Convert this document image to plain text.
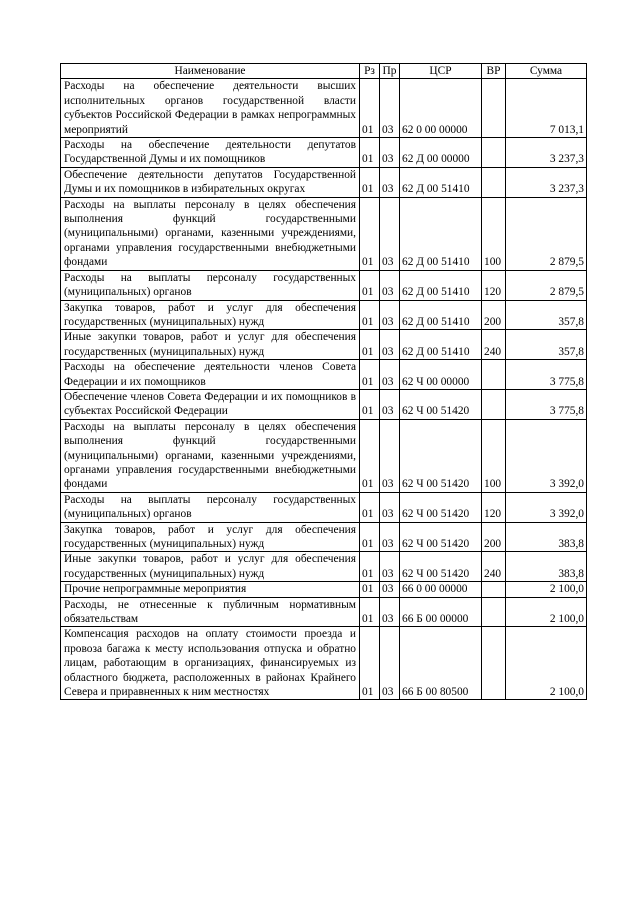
Наименование	Рз	Пр	ЦСР	ВР	Сумма
Расходы на обеспечение деятельности высших исполнительных органов государственной власти субъектов Российской Федерации в рамках непрограммных мероприятий	01	03	62 0 00 00000		7 013,1
Расходы на обеспечение деятельности депутатов Государственной Думы и их помощников	01	03	62 Д 00 00000		3 237,3
Обеспечение деятельности депутатов Государственной Думы и их помощников в избирательных округах	01	03	62 Д 00 51410		3 237,3
Расходы на выплаты персоналу в целях обеспечения выполнения функций государственными (муниципальными) органами, казенными учреждениями, органами управления государственными внебюджетными фондами	01	03	62 Д 00 51410	100	2 879,5
Расходы на выплаты персоналу государственных (муниципальных) органов	01	03	62 Д 00 51410	120	2 879,5
Закупка товаров, работ и услуг для обеспечения государственных (муниципальных) нужд	01	03	62 Д 00 51410	200	357,8
Иные закупки товаров, работ и услуг для обеспечения государственных (муниципальных) нужд	01	03	62 Д 00 51410	240	357,8
Расходы на обеспечение деятельности членов Совета Федерации и их помощников	01	03	62 Ч 00 00000		3 775,8
Обеспечение членов Совета Федерации и их помощников в субъектах Российской Федерации	01	03	62 Ч 00 51420		3 775,8
Расходы на выплаты персоналу в целях обеспечения выполнения функций государственными (муниципальными) органами, казенными учреждениями, органами управления государственными внебюджетными фондами	01	03	62 Ч 00 51420	100	3 392,0
Расходы на выплаты персоналу государственных (муниципальных) органов	01	03	62 Ч 00 51420	120	3 392,0
Закупка товаров, работ и услуг для обеспечения государственных (муниципальных) нужд	01	03	62 Ч 00 51420	200	383,8
Иные закупки товаров, работ и услуг для обеспечения государственных (муниципальных) нужд	01	03	62 Ч 00 51420	240	383,8
Прочие непрограммные мероприятия	01	03	66 0 00 00000		2 100,0
Расходы, не отнесенные к публичным нормативным обязательствам	01	03	66 Б 00 00000		2 100,0
Компенсация расходов на оплату стоимости проезда и провоза багажа к месту использования отпуска и обратно лицам, работающим в организациях, финансируемых из областного бюджета, расположенных в районах Крайнего Севера и приравненных к ним местностях	01	03	66 Б 00 80500		2 100,0
